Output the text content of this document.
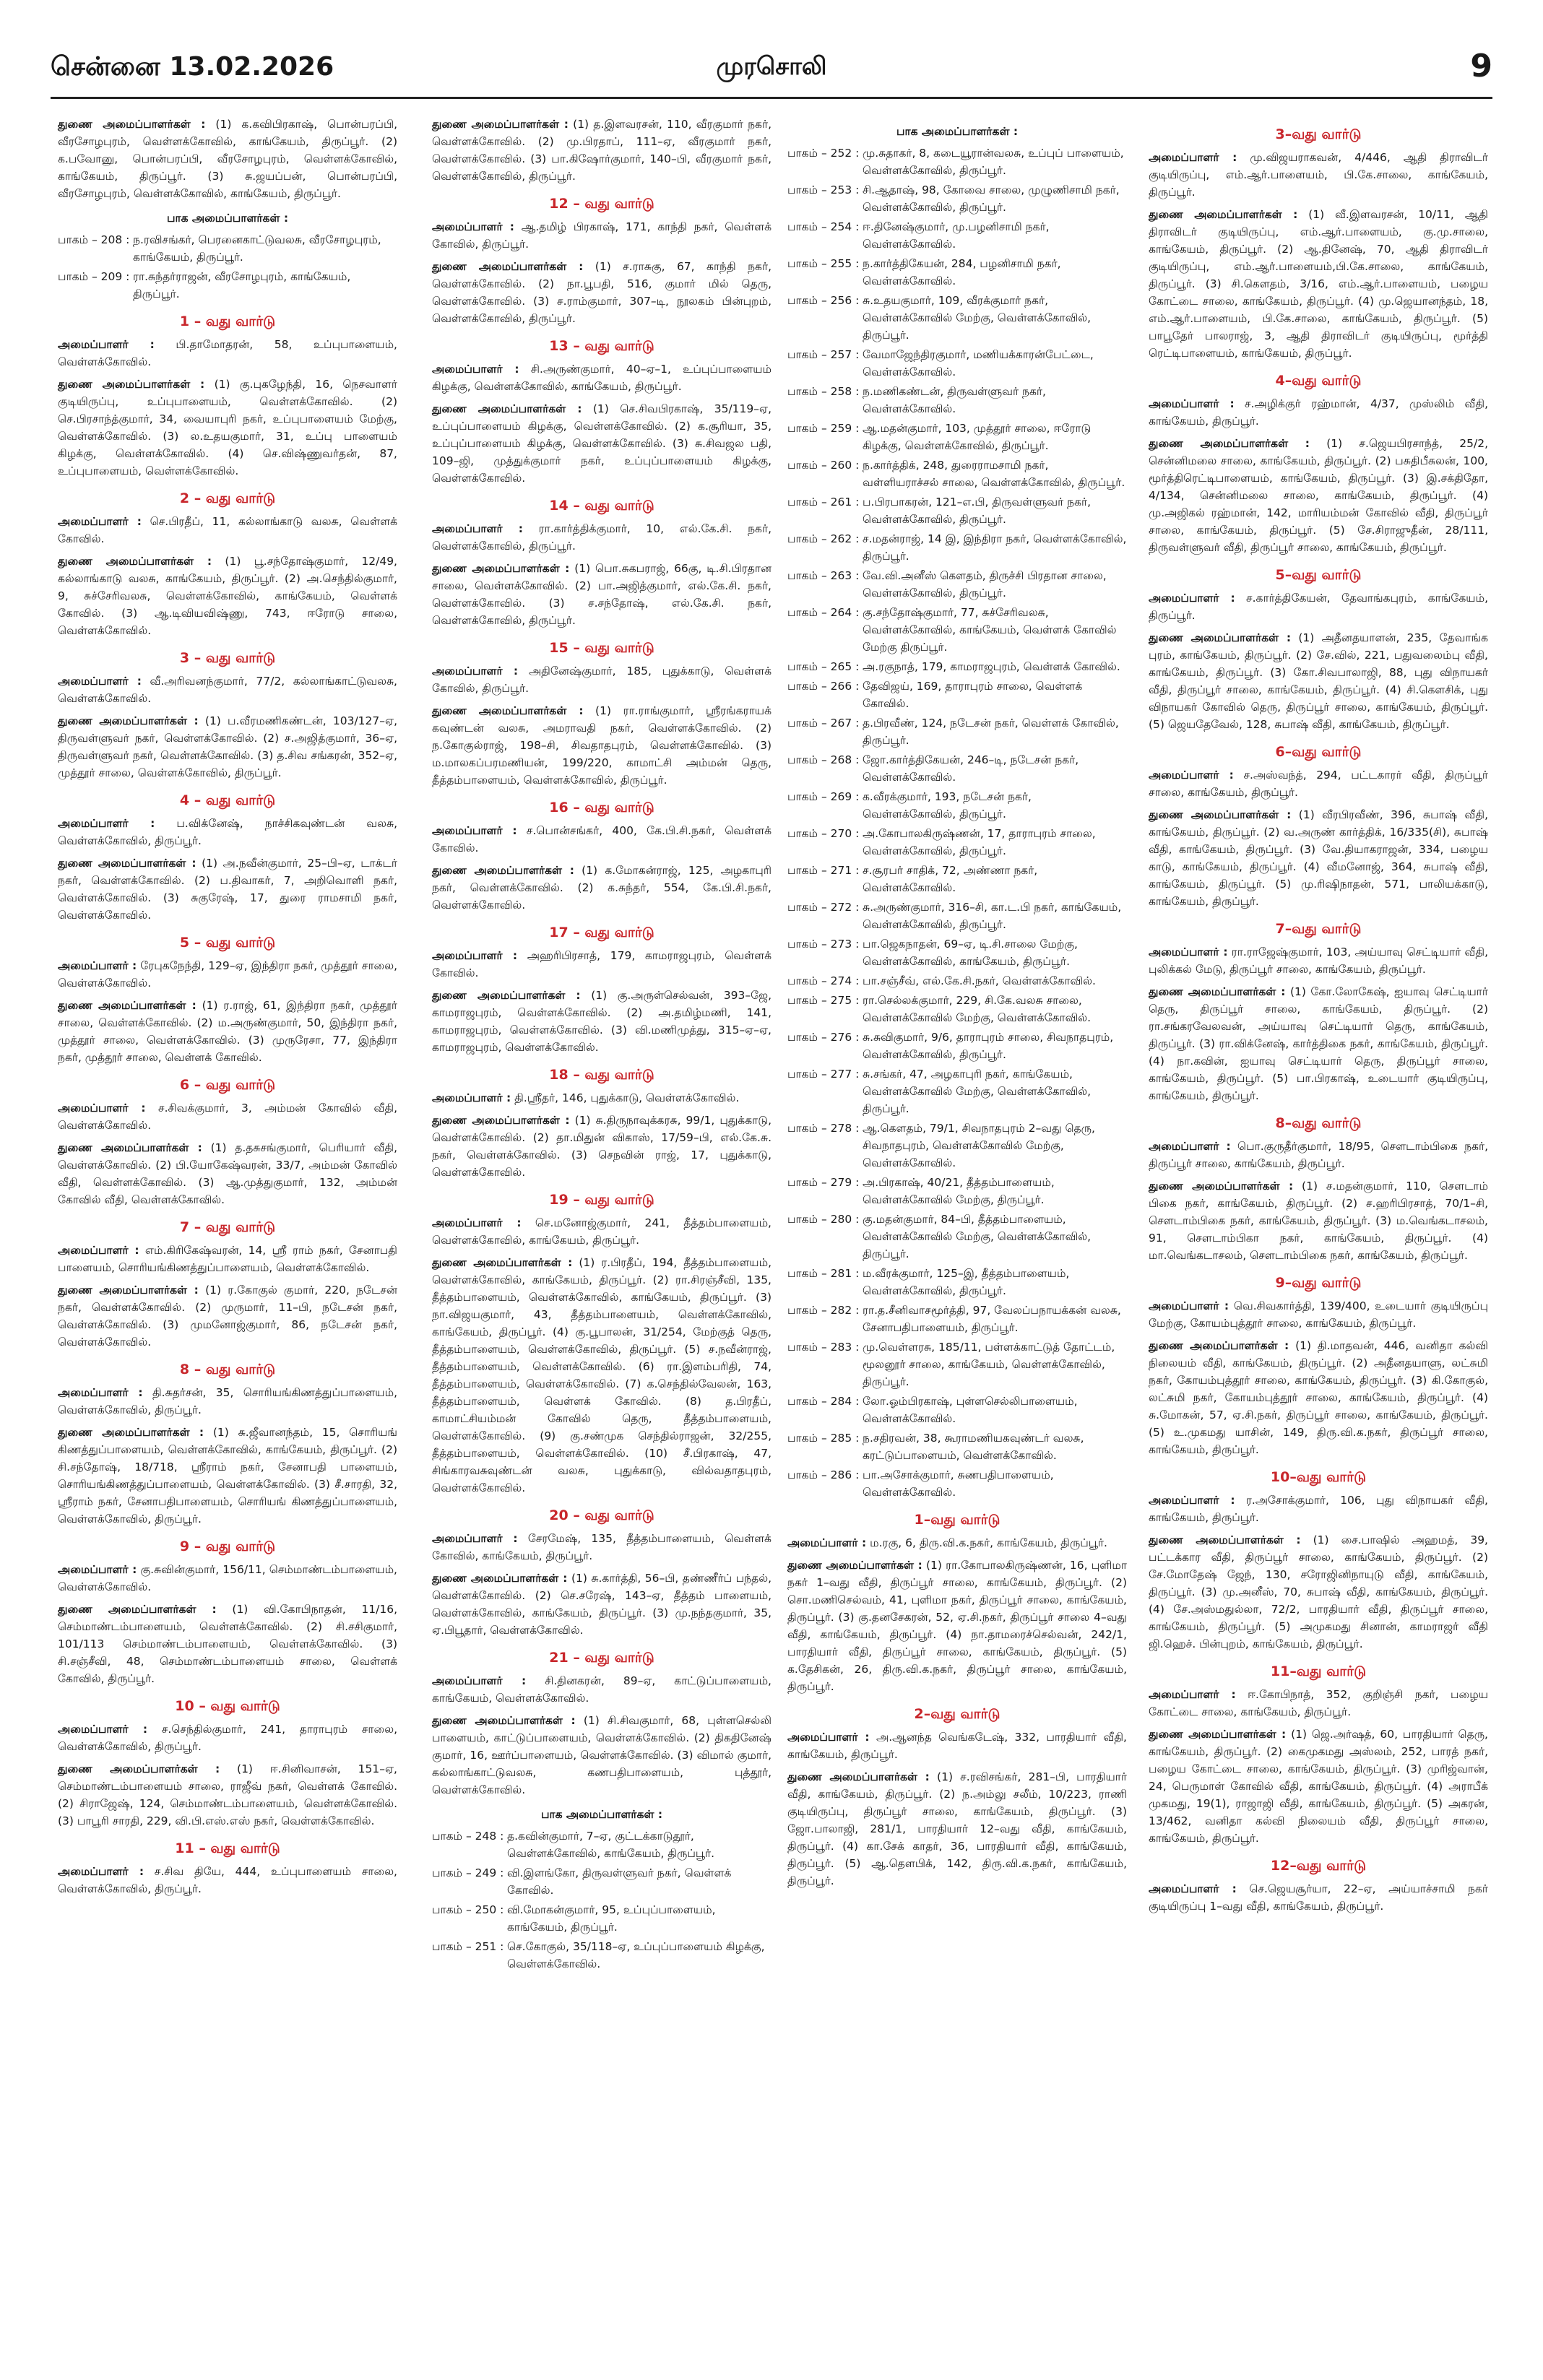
சென்னை 13.02.2026	முரசொலி	9

துணை அமைப்பாளர்கள் : (1) க.கவிபிரகாஷ், பொன்பரப்பி, வீரசோழபுரம், வெள்ளக்கோவில், காங்கேயம், திருப்பூர். (2) க.பவோனு, பொன்பரப்பி, வீரசோழபுரம், வெள்ளக்கோவில், காங்கேயம், திருப்பூர். (3) சு.ஜயப்பன், பொன்பரப்பி, வீரசோழபுரம், வெள்ளக்கோவில், காங்கேயம், திருப்பூர்.

பாக அமைப்பாளர்கள் :
பாகம் – 208 : ந.ரவிசங்கர், பெரனைகாட்டுவலசு, வீரசோழபுரம், காங்கேயம், திருப்பூர்.
பாகம் – 209 : ரா.சுந்தர்ராஜன், வீரசோழபுரம், காங்கேயம், திருப்பூர்.
1 – வது வார்டு

அமைப்பாளர் : பி.தாமோதரன், 58, உப்புபாளையம், வெள்ளக்கோவில்.

துணை அமைப்பாளர்கள் : (1) கு.புகழேந்தி, 16, நெசவாளர் குடியிருப்பு, உப்புபாளையம், வெள்ளக்கோவில். (2) செ.பிரசாந்த்குமார், 34, வையாபுரி நகர், உப்புபாளையம் மேற்கு, வெள்ளக்கோவில். (3) ல.உதயகுமார், 31, உப்பு பாளையம் கிழக்கு, வெள்ளக்கோவில். (4) செ.விஷ்ணுவர்தன், 87, உப்புபாளையம், வெள்ளக்கோவில்.

2 – வது வார்டு

அமைப்பாளர் : செ.பிரதீப், 11, கல்லாங்காடு வலசு, வெள்ளக் கோவில்.

துணை அமைப்பாளர்கள் : (1) பூ.சந்தோஷ்குமார், 12/49, கல்லாங்காடு வலசு, காங்கேயம், திருப்பூர். (2) அ.செந்தில்குமார், 9, சுச்சேரிவலசு, வெள்ளக்கோவில், காங்கேயம், வெள்ளக் கோவில். (3) ஆ.டிவியவிஷ்ணு, 743, ஈரோடு சாலை, வெள்ளக்கோவில்.

3 – வது வார்டு

அமைப்பாளர் : வீ.அரிவனந்குமார், 77/2, கல்லாங்காட்டுவலசு, வெள்ளக்கோவில்.

துணை அமைப்பாளர்கள் : (1) ப.வீரமணிகண்டன், 103/127–ஏ, திருவள்ளுவர் நகர், வெள்ளக்கோவில். (2) ச.அஜித்குமார், 36–ஏ, திருவள்ளுவர் நகர், வெள்ளக்கோவில். (3) த.சிவ சங்கரன், 352–ஏ, முத்தூர் சாலை, வெள்ளக்கோவில், திருப்பூர்.

4 – வது வார்டு

அமைப்பாளர் : ப.விக்னேஷ், நாச்சிகவுண்டன் வலசு, வெள்ளக்கோவில், திருப்பூர்.

துணை அமைப்பாளர்கள் : (1) அ.நவீன்குமார், 25–பி–ஏ, டாக்டர் நகர், வெள்ளக்கோவில். (2) ப.திவாகர், 7, அறிவொளி நகர், வெள்ளக்கோவில். (3) சுகுரேஷ், 17, துரை ராமசாமி நகர், வெள்ளக்கோவில்.

5 – வது வார்டு

அமைப்பாளர் : ரேபுகநேந்தி, 129–ஏ, இந்திரா நகர், முத்தூர் சாலை, வெள்ளக்கோவில்.

துணை அமைப்பாளர்கள் : (1) ர.ராஜ், 61, இந்திரா நகர், முத்தூர் சாலை, வெள்ளக்கோவில். (2) ம.அருண்குமார், 50, இந்திரா நகர், முத்தூர் சாலை, வெள்ளக்கோவில். (3) முருரேசா, 77, இந்திரா நகர், முத்தூர் சாலை, வெள்ளக் கோவில்.

6 – வது வார்டு

அமைப்பாளர் : ச.சிவக்குமார், 3, அம்மன் கோவில் வீதி, வெள்ளக்கோவில்.

துணை அமைப்பாளர்கள் : (1) த.தசுசங்குமார், பெரியார் வீதி, வெள்ளக்கோவில். (2) பி.யோகேஷ்வரன், 33/7, அம்மன் கோவில் வீதி, வெள்ளக்கோவில். (3) ஆ.முத்துகுமார், 132, அம்மன் கோவில் வீதி, வெள்ளக்கோவில்.

7 – வது வார்டு

அமைப்பாளர் : எம்.கிரிகேஷ்வரன், 14, ஸ்ரீ ராம் நகர், சேனாபதி பாளையம், சொரியங்கிணத்துப்பாளையம், வெள்ளக்கோவில்.

துணை அமைப்பாளர்கள் : (1) ர.கோகுல் குமார், 220, நடேசன் நகர், வெள்ளக்கோவில். (2) முருமார், 11–பி, நடேசன் நகர், வெள்ளக்கோவில். (3) முமனோஜ்குமார், 86, நடேசன் நகர், வெள்ளக்கோவில்.

8 – வது வார்டு

அமைப்பாளர் : தி.சுதர்சன், 35, சொரியங்கிணத்துப்பாளையம், வெள்ளக்கோவில், திருப்பூர்.

துணை அமைப்பாளர்கள் : (1) சு.ஜீவானந்தம், 15, சொரியங் கிணத்துப்பாளையம், வெள்ளக்கோவில், காங்கேயம், திருப்பூர். (2) சி.சந்தோஷ், 18/718, ஸ்ரீராம் நகர், சேனாபதி பாளையம், சொரியங்கிணத்துப்பாளையம், வெள்ளக்கோவில். (3) சீ.சாரதி, 32, ஸ்ரீராம் நகர், சேனாபதிபாளையம், சொரியங் கிணத்துப்பாளையம், வெள்ளக்கோவில், திருப்பூர்.

9 – வது வார்டு

அமைப்பாளர் : கு.சுவின்குமார், 156/11, செம்மாண்டம்பாளையம், வெள்ளக்கோவில்.

துணை அமைப்பாளர்கள் : (1) வி.கோபிநாதன், 11/16, செம்மாண்டம்பாளையம், வெள்ளக்கோவில். (2) சி.சசிகுமார், 101/113 செம்மாண்டம்பாளையம், வெள்ளக்கோவில். (3) சி.சஞ்சீவி, 48, செம்மாண்டம்பாளையம் சாலை, வெள்ளக் கோவில், திருப்பூர்.

10 – வது வார்டு

அமைப்பாளர் : ச.செந்தில்குமார், 241, தாராபுரம் சாலை, வெள்ளக்கோவில், திருப்பூர்.

துணை அமைப்பாளர்கள் : (1) ஈ.சினிவாசன், 151–ஏ, செம்மாண்டம்பாளையம் சாலை, ராஜீவ் நகர், வெள்ளக் கோவில். (2) சிராஜேஷ், 124, செம்மாண்டம்பாளையம், வெள்ளக்கோவில். (3) பாபூரி சாரதி, 229, வி.பி.எஸ்.எஸ் நகர், வெள்ளக்கோவில்.

11 – வது வார்டு

அமைப்பாளர் : ச.சிவ தியே, 444, உப்புபாளையம் சாலை, வெள்ளக்கோவில், திருப்பூர்.

துணை அமைப்பாளர்கள் : (1) த.இளவரசன், 110, வீரகுமார் நகர், வெள்ளக்கோவில். (2) மு.பிரதாப், 111–ஏ, வீரகுமார் நகர், வெள்ளக்கோவில். (3) பா.கிஷோர்குமார், 140–பி, வீரகுமார் நகர், வெள்ளக்கோவில், திருப்பூர்.

12 – வது வார்டு

அமைப்பாளர் : ஆ.தமிழ் பிரகாஷ், 171, காந்தி நகர், வெள்ளக் கோவில், திருப்பூர்.

துணை அமைப்பாளர்கள் : (1) ச.ராசுகு, 67, காந்தி நகர், வெள்ளக்கோவில். (2) நா.பூபதி, 516, குமார் மில் தெரு, வெள்ளக்கோவில். (3) ச.ராம்குமார், 307–டி, நூலகம் பின்புறம், வெள்ளக்கோவில், திருப்பூர்.

13 – வது வார்டு

அமைப்பாளர் : சி.அருண்குமார், 40–ஏ–1, உப்புப்பாளையம் கிழக்கு, வெள்ளக்கோவில், காங்கேயம், திருப்பூர்.

துணை அமைப்பாளர்கள் : (1) செ.சிவபிரகாஷ், 35/119–ஏ, உப்புப்பாளையம் கிழக்கு, வெள்ளக்கோவில். (2) க.சூரியா, 35, உப்புப்பாளையம் கிழக்கு, வெள்ளக்கோவில். (3) சு.சிவஜல பதி, 109–ஜி, முத்துக்குமார் நகர், உப்புப்பாளையம் கிழக்கு, வெள்ளக்கோவில்.

14 – வது வார்டு

அமைப்பாளர் : ரா.கார்த்திக்குமார், 10, எல்.கே.சி. நகர், வெள்ளக்கோவில், திருப்பூர்.

துணை அமைப்பாளர்கள் : (1) பொ.சுகபராஜ், 66கு, டி.சி.பிரதான சாலை, வெள்ளக்கோவில். (2) பா.அஜித்குமார், எல்.கே.சி. நகர், வெள்ளக்கோவில். (3) ச.சந்தோஷ், எல்.கே.சி. நகர், வெள்ளக்கோவில், திருப்பூர்.

15 – வது வார்டு

அமைப்பாளர் : அதினேஷ்குமார், 185, புதுக்காடு, வெள்ளக் கோவில், திருப்பூர்.

துணை அமைப்பாளர்கள் : (1) ரா.ராங்குமார், ஸ்ரீரங்கராயக் கவுண்டன் வலசு, அமராவதி நகர், வெள்ளக்கோவில். (2) ந.கோகுல்ராஜ், 198–சி, சிவதாதபுரம், வெள்ளக்கோவில். (3) ம.மாலகப்பரமணியன், 199/220, காமாட்சி அம்மன் தெரு, தீத்தம்பாளையம், வெள்ளக்கோவில், திருப்பூர்.

16 – வது வார்டு

அமைப்பாளர் : ச.பொன்சங்கர், 400, கே.பி.சி.நகர், வெள்ளக் கோவில்.

துணை அமைப்பாளர்கள் : (1) க.மோகன்ராஜ், 125, அழகாபுரி நகர், வெள்ளக்கோவில். (2) க.சுந்தர், 554, கே.பி.சி.நகர், வெள்ளக்கோவில்.

17 – வது வார்டு

அமைப்பாளர் : அஹரிபிரசாத், 179, காமராஜபுரம், வெள்ளக் கோவில்.

துணை அமைப்பாளர்கள் : (1) கு.அருள்செல்வன், 393–ஜே, காமராஜபுரம், வெள்ளக்கோவில். (2) அ.தமிழ்மணி, 141, காமராஜபுரம், வெள்ளக்கோவில். (3) வி.மணிமுத்து, 315–ஏ–ஏ, காமராஜபுரம், வெள்ளக்கோவில்.

18 – வது வார்டு

அமைப்பாளர் : தி.ஸ்ரீதர், 146, புதுக்காடு, வெள்ளக்கோவில்.

துணை அமைப்பாளர்கள் : (1) சு.திருநாவுக்கரசு, 99/1, புதுக்காடு, வெள்ளக்கோவில். (2) தா.மிதுன் விகாஸ், 17/59–பி, எல்.கே.சு. நகர், வெள்ளக்கோவில். (3) செநவின் ராஜ், 17, புதுக்காடு, வெள்ளக்கோவில்.

19 – வது வார்டு

அமைப்பாளர் : செ.மனோஜ்குமார், 241, தீத்தம்பாளையம், வெள்ளக்கோவில், காங்கேயம், திருப்பூர்.

துணை அமைப்பாளர்கள் : (1) ர.பிரதீப், 194, தீத்தம்பாளையம், வெள்ளக்கோவில், காங்கேயம், திருப்பூர். (2) ரா.சிரஞ்சீவி, 135, தீத்தம்பாளையம், வெள்ளக்கோவில், காங்கேயம், திருப்பூர். (3) நா.விஜயகுமார், 43, தீத்தம்பாளையம், வெள்ளக்கோவில், காங்கேயம், திருப்பூர். (4) கு.பூபாலன், 31/254, மேற்குத் தெரு, தீத்தம்பாளையம், வெள்ளக்கோவில், திருப்பூர். (5) ச.நவீன்ராஜ், தீத்தம்பாளையம், வெள்ளக்கோவில். (6) ரா.இளம்பரிதி, 74, தீத்தம்பாளையம், வெள்ளக்கோவில். (7) க.செந்தில்வேலன், 163, தீத்தம்பாளையம், வெள்ளக் கோவில். (8) த.பிரதீப், காமாட்சியம்மன் கோவில் தெரு, தீத்தம்பாளையம், வெள்ளக்கோவில். (9) கு.சண்முக செந்தில்ராஜன், 32/255, தீத்தம்பாளையம், வெள்ளக்கோவில். (10) சீ.பிரகாஷ், 47, சிங்காரவசுவுண்டன் வலசு, புதுக்காடு, வில்வதாதபுரம், வெள்ளக்கோவில்.

20 – வது வார்டு

அமைப்பாளர் : சேரமேஷ், 135, தீத்தம்பாளையம், வெள்ளக் கோவில், காங்கேயம், திருப்பூர்.

துணை அமைப்பாளர்கள் : (1) சு.கார்த்தி, 56–பி, தண்ணீர்ப் பந்தல், வெள்ளக்கோவில். (2) செ.சரேஷ், 143–ஏ, தீத்தம் பாளையம், வெள்ளக்கோவில், காங்கேயம், திருப்பூர். (3) மு.நந்தகுமார், 35, ஏ.பிபூதார், வெள்ளக்கோவில்.

21 – வது வார்டு

அமைப்பாளர் : சி.தினகரன், 89–ஏ, காட்டுப்பாளையம், காங்கேயம், வெள்ளக்கோவில்.

துணை அமைப்பாளர்கள் : (1) சி.சிவகுமார், 68, புள்ளசெல்லி பாளையம், காட்டுப்பாளையம், வெள்ளக்கோவில். (2) திகதினேஷ் குமார், 16, ஊர்ப்பாளையம், வெள்ளக்கோவில். (3) விமால் குமார், கல்லாங்காட்டுவலசு, கணபதிபாளையம், புத்தூர், வெள்ளக்கோவில்.

பாக அமைப்பாளர்கள் :
பாகம் – 248 : த.கவின்குமார், 7–ஏ, குட்டக்காடுதூர், வெள்ளக்கோவில், காங்கேயம், திருப்பூர்.
பாகம் – 249 : வி.இளங்கோ, திருவள்ளுவர் நகர், வெள்ளக் கோவில்.
பாகம் – 250 : வி.மோகன்குமார், 95, உப்புப்பாளையம், காங்கேயம், திருப்பூர்.
பாகம் – 251 : செ.கோகுல், 35/118–ஏ, உப்புப்பாளையம் கிழக்கு, வெள்ளக்கோவில்.
பாக அமைப்பாளர்கள் :
பாகம் – 252 : மு.சுதாகர், 8, கடையூரான்வலசு, உப்புப் பாளையம், வெள்ளக்கோவில், திருப்பூர்.
பாகம் – 253 : சி.ஆதாஷ், 98, கோவை சாலை, முழுணிசாமி நகர், வெள்ளக்கோவில், திருப்பூர்.
பாகம் – 254 : ஈ.தினேஷ்குமார், மு.பழனிசாமி நகர், வெள்ளக்கோவில்.
பாகம் – 255 : ந.கார்த்திகேயன், 284, பழனிசாமி நகர், வெள்ளக்கோவில்.
பாகம் – 256 : சு.உதயகுமார், 109, வீரக்குமார் நகர், வெள்ளக்கோவில் மேற்கு, வெள்ளக்கோவில், திருப்பூர்.
பாகம் – 257 : வேமாஜேந்திரகுமார், மணியக்காரன்பேட்டை, வெள்ளக்கோவில்.
பாகம் – 258 : ந.மணிகண்டன், திருவள்ளுவர் நகர், வெள்ளக்கோவில்.
பாகம் – 259 : ஆ.மதன்குமார், 103, முத்தூர் சாலை, ஈரோடு கிழக்கு, வெள்ளக்கோவில், திருப்பூர்.
பாகம் – 260 : ந.கார்த்திக், 248, துரைராமசாமி நகர், வள்ளியராச்சல் சாலை, வெள்ளக்கோவில், திருப்பூர்.
பாகம் – 261 : ப.பிரபாகரன், 121–எ.பி, திருவள்ளுவர் நகர், வெள்ளக்கோவில், திருப்பூர்.
பாகம் – 262 : ச.மதன்ராஜ், 14 இ, இந்திரா நகர், வெள்ளக்கோவில், திருப்பூர்.
பாகம் – 263 : வே.வி.அனீஸ் கௌதம், திருச்சி பிரதான சாலை, வெள்ளக்கோவில், திருப்பூர்.
பாகம் – 264 : கு.சந்தோஷ்குமார், 77, சுச்சேரிவலசு, வெள்ளக்கோவில், காங்கேயம், வெள்ளக் கோவில் மேற்கு திருப்பூர்.
பாகம் – 265 : அ.ரகுநாத், 179, காமராஜபுரம், வெள்ளக் கோவில்.
பாகம் – 266 : தேவிஜய், 169, தாராபுரம் சாலை, வெள்ளக் கோவில்.
பாகம் – 267 : த.பிரவீண், 124, நடேசன் நகர், வெள்ளக் கோவில், திருப்பூர்.
பாகம் – 268 : ஜோ.கார்த்திகேயன், 246–டி, நடேசன் நகர், வெள்ளக்கோவில்.
பாகம் – 269 : க.வீரக்குமார், 193, நடேசன் நகர், வெள்ளக்கோவில், திருப்பூர்.
பாகம் – 270 : அ.கோபாலகிருஷ்ணன், 17, தாராபுரம் சாலை, வெள்ளக்கோவில், திருப்பூர்.
பாகம் – 271 : ச.சூரபர் சாதிக், 72, அண்ணா நகர், வெள்ளக்கோவில்.
பாகம் – 272 : சு.அருண்குமார், 316–சி, கா.ட.பி நகர், காங்கேயம், வெள்ளக்கோவில், திருப்பூர்.
பாகம் – 273 : பா.ஜெகநாதன், 69–ஏ, டி.சி.சாலை மேற்கு, வெள்ளக்கோவில், காங்கேயம், திருப்பூர்.
பாகம் – 274 : பா.சஞ்சீவ், எல்.கே.சி.நகர், வெள்ளக்கோவில்.
பாகம் – 275 : ரா.செல்லக்குமார், 229, சி.கே.வலசு சாலை, வெள்ளக்கோவில் மேற்கு, வெள்ளக்கோவில்.
பாகம் – 276 : சு.சுவிகுமார், 9/6, தாராபுரம் சாலை, சிவநாதபுரம், வெள்ளக்கோவில், திருப்பூர்.
பாகம் – 277 : சு.சங்கர், 47, அழகாபுரி நகர், காங்கேயம், வெள்ளக்கோவில் மேற்கு, வெள்ளக்கோவில், திருப்பூர்.
பாகம் – 278 : ஆ.கௌதம், 79/1, சிவநாதபுரம் 2–வது தெரு, சிவநாதபுரம், வெள்ளக்கோவில் மேற்கு, வெள்ளக்கோவில்.
பாகம் – 279 : அ.பிரகாஷ், 40/21, தீத்தம்பாளையம், வெள்ளக்கோவில் மேற்கு, திருப்பூர்.
பாகம் – 280 : கு.மதன்குமார், 84–பி, தீத்தம்பாளையம், வெள்ளக்கோவில் மேற்கு, வெள்ளக்கோவில், திருப்பூர்.
பாகம் – 281 : ம.வீரக்குமார், 125–இ, தீத்தம்பாளையம், வெள்ளக்கோவில், திருப்பூர்.
பாகம் – 282 : ரா.த.சீனிவாசமூர்த்தி, 97, வேலப்பநாயக்கன் வலசு, சேனாபதிபாளையம், திருப்பூர்.
பாகம் – 283 : மு.வெள்ளரசு, 185/11, பள்ளக்காட்டுத் தோட்டம், மூலனூர் சாலை, காங்கேயம், வெள்ளக்கோவில், திருப்பூர்.
பாகம் – 284 : லோ.ஓம்பிரகாஷ், புள்ளசெல்லிபாளையம், வெள்ளக்கோவில்.
பாகம் – 285 : ந.சதிரவன், 38, கூராமணியகவுண்டர் வலசு, கரட்டுப்பாளையம், வெள்ளக்கோவில்.
பாகம் – 286 : பா.அசோக்குமார், சுணபதிபாளையம், வெள்ளக்கோவில்.
1–வது வார்டு

அமைப்பாளர் : ம.ரகு, 6, திரு.வி.க.நகர், காங்கேயம், திருப்பூர்.

துணை அமைப்பாளர்கள் : (1) ரா.கோபாலகிருஷ்ணன், 16, புளிமா நகர் 1–வது வீதி, திருப்பூர் சாலை, காங்கேயம், திருப்பூர். (2) சொ.மணிசெல்வம், 41, புளிமா நகர், திருப்பூர் சாலை, காங்கேயம், திருப்பூர். (3) கு.தனசேகரன், 52, ஏ.சி.நகர், திருப்பூர் சாலை 4–வது வீதி, காங்கேயம், திருப்பூர். (4) நா.தாமரைச்செல்வன், 242/1, பாரதியார் வீதி, திருப்பூர் சாலை, காங்கேயம், திருப்பூர். (5) க.தேசிகன், 26, திரு.வி.க.நகர், திருப்பூர் சாலை, காங்கேயம், திருப்பூர்.

2–வது வார்டு

அமைப்பாளர் : அ.ஆனந்த வெங்கடேஷ், 332, பாரதியார் வீதி, காங்கேயம், திருப்பூர்.

துணை அமைப்பாளர்கள் : (1) ச.ரவிசங்கர், 281–பி, பாரதியார் வீதி, காங்கேயம், திருப்பூர். (2) ந.அம்லு சலீம், 10/223, ராணி குடியிருப்பு, திருப்பூர் சாலை, காங்கேயம், திருப்பூர். (3) ஜோ.பாலாஜி, 281/1, பாரதியார் 12–வது வீதி, காங்கேயம், திருப்பூர். (4) கா.சேக் காதர், 36, பாரதியார் வீதி, காங்கேயம், திருப்பூர். (5) ஆ.தௌபிக், 142, திரு.வி.க.நகர், காங்கேயம், திருப்பூர்.

3–வது வார்டு

அமைப்பாளர் : மு.விஜயராகவன், 4/446, ஆதி திராவிடர் குடியிருப்பு, எம்.ஆர்.பாளையம், பி.கே.சாலை, காங்கேயம், திருப்பூர்.

துணை அமைப்பாளர்கள் : (1) வீ.இளவரசன், 10/11, ஆதி திராவிடர் குடியிருப்பு, எம்.ஆர்.பாளையம், கு.மு.சாலை, காங்கேயம், திருப்பூர். (2) ஆ.தினேஷ், 70, ஆதி திராவிடர் குடியிருப்பு, எம்.ஆர்.பாளையம்,பி.கே.சாலை, காங்கேயம், திருப்பூர். (3) சி.கௌதம், 3/16, எம்.ஆர்.பாளையம், பழைய கோட்டை சாலை, காங்கேயம், திருப்பூர். (4) மு.ஜெயானந்தம், 18, எம்.ஆர்.பாளையம், பி.கே.சாலை, காங்கேயம், திருப்பூர். (5) பாபூதேர் பாலராஜ், 3, ஆதி திராவிடர் குடியிருப்பு, மூர்த்தி ரெட்டிபாளையம், காங்கேயம், திருப்பூர்.

4–வது வார்டு

அமைப்பாளர் : ச.அழிக்குர் ரஹ்மான், 4/37, முஸ்லிம் வீதி, காங்கேயம், திருப்பூர்.

துணை அமைப்பாளர்கள் : (1) ச.ஜெயபிரசாந்த், 25/2, சென்னிமலை சாலை, காங்கேயம், திருப்பூர். (2) பசுதிபீசுலன், 100, மூர்த்திரெட்டிபாளையம், காங்கேயம், திருப்பூர். (3) இ.சக்திதோ, 4/134, சென்னிமலை சாலை, காங்கேயம், திருப்பூர். (4) மு.அஜிகல் ரஹ்மான், 142, மாரியம்மன் கோவில் வீதி, திருப்பூர் சாலை, காங்கேயம், திருப்பூர். (5) சே.சிராஜுதீன், 28/111, திருவள்ளுவர் வீதி, திருப்பூர் சாலை, காங்கேயம், திருப்பூர்.

5–வது வார்டு

அமைப்பாளர் : ச.கார்த்திகேயன், தேவாங்கபுரம், காங்கேயம், திருப்பூர்.

துணை அமைப்பாளர்கள் : (1) அதீனதயாளன், 235, தேவாங்க புரம், காங்கேயம், திருப்பூர். (2) சே.வில், 221, பதுவலைம்பு வீதி, காங்கேயம், திருப்பூர். (3) கோ.சிவபாலாஜி, 88, புது விநாயகர் வீதி, திருப்பூர் சாலை, காங்கேயம், திருப்பூர். (4) சி.கௌசிக், புது விநாயகர் கோவில் தெரு, திருப்பூர் சாலை, காங்கேயம், திருப்பூர். (5) ஜெயதேவேல், 128, சுபாஷ் வீதி, காங்கேயம், திருப்பூர்.

6–வது வார்டு

அமைப்பாளர் : ச.அஸ்வந்த், 294, பட்டகாரர் வீதி, திருப்பூர் சாலை, காங்கேயம், திருப்பூர்.

துணை அமைப்பாளர்கள் : (1) வீரபிரவீண், 396, சுபாஷ் வீதி, காங்கேயம், திருப்பூர். (2) வ.அருண் கார்த்திக், 16/335(சி), சுபாஷ் வீதி, காங்கேயம், திருப்பூர். (3) வே.தியாகராஜன், 334, பழைய காடு, காங்கேயம், திருப்பூர். (4) வீமனோஜ், 364, சுபாஷ் வீதி, காங்கேயம், திருப்பூர். (5) மு.ரிஷிநாதன், 571, பாலியக்காடு, காங்கேயம், திருப்பூர்.

7–வது வார்டு

அமைப்பாளர் : ரா.ராஜேஷ்குமார், 103, அய்யாவு செட்டியார் வீதி, புலிக்கல் மேடு, திருப்பூர் சாலை, காங்கேயம், திருப்பூர்.

துணை அமைப்பாளர்கள் : (1) கோ.லோகேஷ், ஐயாவு செட்டியார் தெரு, திருப்பூர் சாலை, காங்கேயம், திருப்பூர். (2) ரா.சங்கரவேலவன், அய்யாவு செட்டியார் தெரு, காங்கேயம், திருப்பூர். (3) ரா.விக்னேஷ், கார்த்திகை நகர், காங்கேயம், திருப்பூர். (4) நா.கவின், ஐயாவு செட்டியார் தெரு, திருப்பூர் சாலை, காங்கேயம், திருப்பூர். (5) பா.பிரகாஷ், உடையார் குடியிருப்பு, காங்கேயம், திருப்பூர்.

8–வது வார்டு

அமைப்பாளர் : பொ.குருதீர்குமார், 18/95, சௌடாம்பிகை நகர், திருப்பூர் சாலை, காங்கேயம், திருப்பூர்.

துணை அமைப்பாளர்கள் : (1) ச.மதன்குமார், 110, சௌடாம் பிகை நகர், காங்கேயம், திருப்பூர். (2) ச.ஹரிபிரசாத், 70/1–சி, சௌடாம்பிகை நகர், காங்கேயம், திருப்பூர். (3) ம.வெங்கடாசலம், 91, சௌடாம்பிகா நகர், காங்கேயம், திருப்பூர். (4) மா.வெங்கடாசலம், சௌடாம்பிகை நகர், காங்கேயம், திருப்பூர்.

9–வது வார்டு

அமைப்பாளர் : வெ.சிவகார்த்தி, 139/400, உடையார் குடியிருப்பு மேற்கு, கோயம்புத்தூர் சாலை, காங்கேயம், திருப்பூர்.

துணை அமைப்பாளர்கள் : (1) தி.மாதவன், 446, வனிதா கல்வி நிலையம் வீதி, காங்கேயம், திருப்பூர். (2) அதீனதயாளு, லட்சுமி நகர், கோயம்புத்தூர் சாலை, காங்கேயம், திருப்பூர். (3) கி.கோகுல், லட்சுமி நகர், கோயம்புத்தூர் சாலை, காங்கேயம், திருப்பூர். (4) சு.மோகன், 57, ஏ.சி.நகர், திருப்பூர் சாலை, காங்கேயம், திருப்பூர். (5) உ.முகமது யாசின், 149, திரு.வி.க.நகர், திருப்பூர் சாலை, காங்கேயம், திருப்பூர்.

10–வது வார்டு

அமைப்பாளர் : ர.அசோக்குமார், 106, புது விநாயகர் வீதி, காங்கேயம், திருப்பூர்.

துணை அமைப்பாளர்கள் : (1) சை.பாஷில் அஹமத், 39, பட்டக்கார வீதி, திருப்பூர் சாலை, காங்கேயம், திருப்பூர். (2) சே.மோதேஷ் ஜேந், 130, சரோஜினிநாயுடு வீதி, காங்கேயம், திருப்பூர். (3) மு.அனீஸ், 70, சுபாஷ் வீதி, காங்கேயம், திருப்பூர். (4) சே.அஸ்மதுல்லா, 72/2, பாரதியார் வீதி, திருப்பூர் சாலை, காங்கேயம், திருப்பூர். (5) அமுகமது சினான், காமராஜர் வீதி ஜி.ஹெச். பின்புறம், காங்கேயம், திருப்பூர்.

11–வது வார்டு

அமைப்பாளர் : ஈ.கோபிநாத், 352, குறிஞ்சி நகர், பழைய கோட்டை சாலை, காங்கேயம், திருப்பூர்.

துணை அமைப்பாளர்கள் : (1) ஜெ.அர்ஷத், 60, பாரதியார் தெரு, காங்கேயம், திருப்பூர். (2) கைமுகமது அஸ்லம், 252, பாரத் நகர், பழைய கோட்டை சாலை, காங்கேயம், திருப்பூர். (3) முரிஜ்வான், 24, பெருமாள் கோவில் வீதி, காங்கேயம், திருப்பூர். (4) அராபீக் முகமது, 19(1), ராஜாஜி வீதி, காங்கேயம், திருப்பூர். (5) அகரன், 13/462, வனிதா கல்வி நிலையம் வீதி, திருப்பூர் சாலை, காங்கேயம், திருப்பூர்.

12–வது வார்டு

அமைப்பாளர் : செ.ஜெயசூர்யா, 22–ஏ, அய்யாச்சாமி நகர் குடியிருப்பு 1–வது வீதி, காங்கேயம், திருப்பூர்.
